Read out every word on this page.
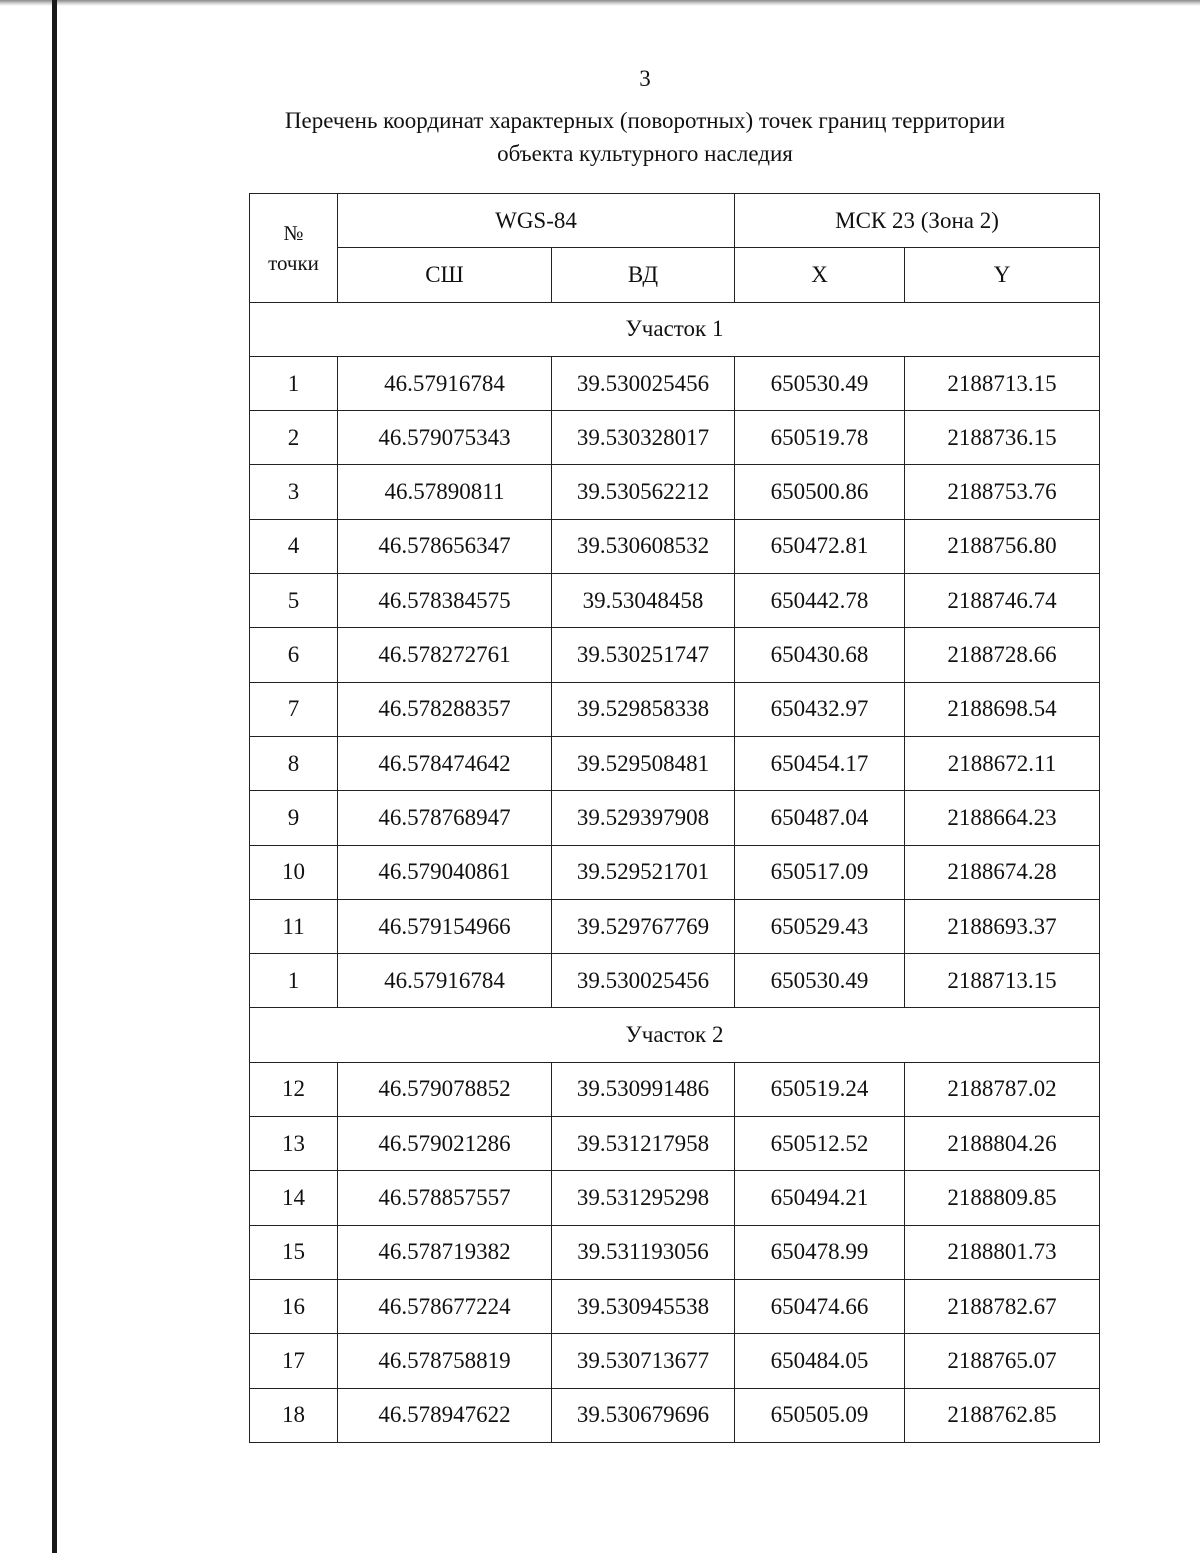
3
Перечень координат характерных (поворотных) точек границ территории
объекта культурного наследия
№
точки	WGS-84		МСК 23 (Зона 2)	
	СШ	ВД	X	Y
Участок 1				
1	46.57916784	39.530025456	650530.49	2188713.15
2	46.579075343	39.530328017	650519.78	2188736.15
3	46.57890811	39.530562212	650500.86	2188753.76
4	46.578656347	39.530608532	650472.81	2188756.80
5	46.578384575	39.53048458	650442.78	2188746.74
6	46.578272761	39.530251747	650430.68	2188728.66
7	46.578288357	39.529858338	650432.97	2188698.54
8	46.578474642	39.529508481	650454.17	2188672.11
9	46.578768947	39.529397908	650487.04	2188664.23
10	46.579040861	39.529521701	650517.09	2188674.28
11	46.579154966	39.529767769	650529.43	2188693.37
1	46.57916784	39.530025456	650530.49	2188713.15
Участок 2				
12	46.579078852	39.530991486	650519.24	2188787.02
13	46.579021286	39.531217958	650512.52	2188804.26
14	46.578857557	39.531295298	650494.21	2188809.85
15	46.578719382	39.531193056	650478.99	2188801.73
16	46.578677224	39.530945538	650474.66	2188782.67
17	46.578758819	39.530713677	650484.05	2188765.07
18	46.578947622	39.530679696	650505.09	2188762.85
